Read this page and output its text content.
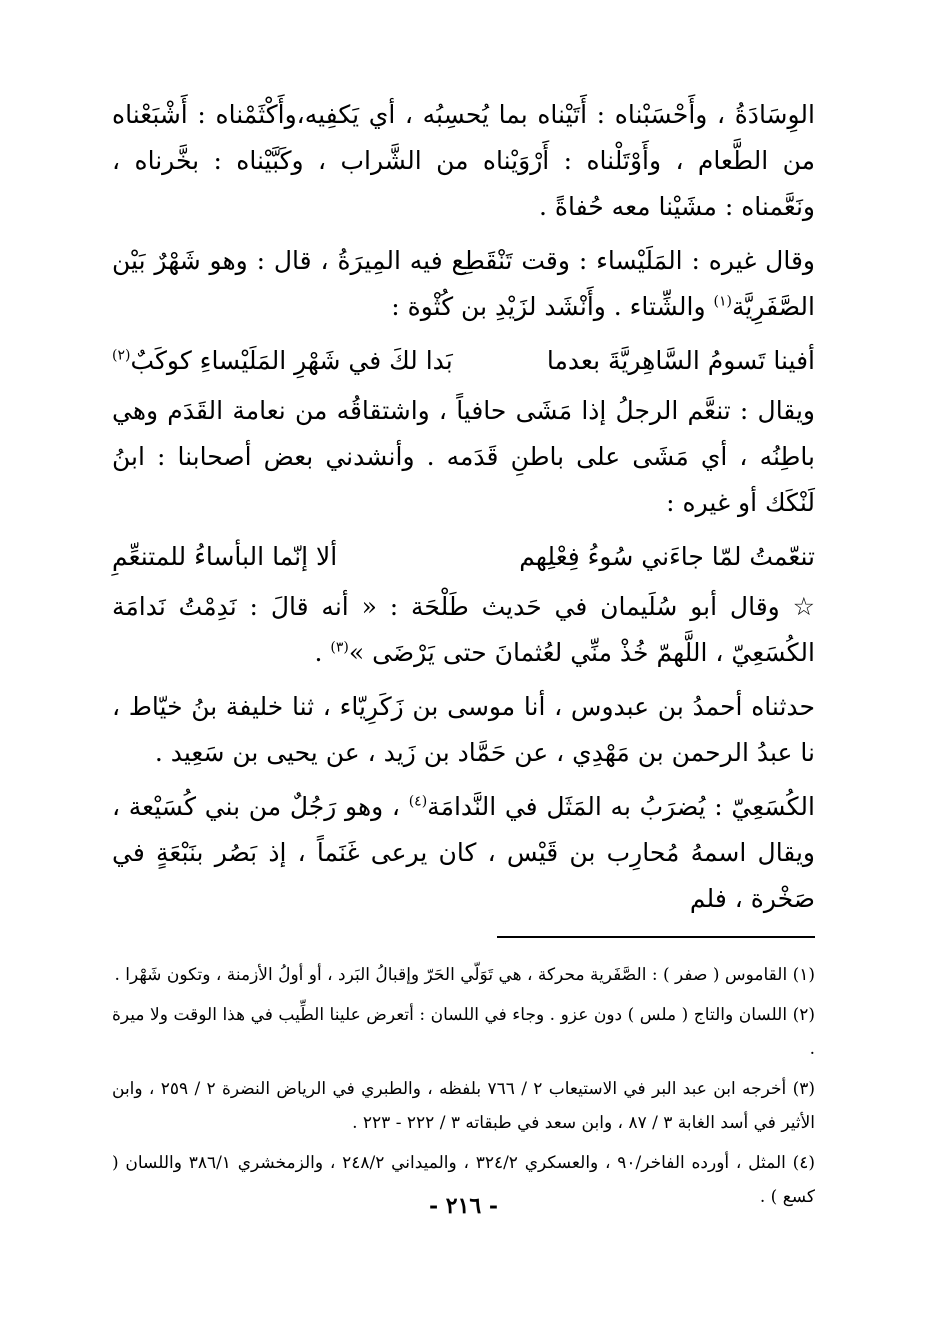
الوِسَادَةُ ، وأَحْسَبْناه : أَتَيْناه بما يُحسِبُه ، أي يَكفِيه،وأَكْثَمْناه : أَشْبَعْناه من الطَّعام ، وأَوْتَلْناه : أَرْوَيْناه من الشَّراب ، وكَبَّيْناه : بخَّرناه ، ونَعَّمناه : مشَيْنا معه حُفاةً .

وقال غيره : المَلَيْساء : وقت تَنْقَطِع فيه المِيرَةُ ، قال : وهو شَهْرٌ بَيْن الصَّفَرِيَّة$^{(١)}$ والشِّتاء . وأَنْشَد لزَيْدِ بن كُثْوة :

أفينا تَسومُ السَّاهِريَّةَ بعدما
بَدا لكَ في شَهْرِ المَلَيْساءِ كوكَبٌ$^{(٢)}$

ويقال : تنعَّم الرجلُ إذا مَشَى حافياً ، واشتقاقُه من نعامة القَدَم وهي باطِنُه ، أي مَشَى على باطنِ قَدَمه . وأنشدني بعض أصحابنا : ابنُ لَنْكَك أو غيره :

تنعّمتُ لمّا جاءَني سُوءُ فِعْلِهم
ألا إنّما البأساءُ للمتنعِّمِ

☆ وقال أبو سُلَيمان في حَديث طَلْحَة : « أنه قالَ : نَدِمْتُ نَدامَة الكُسَعِيّ ، اللَّهمّ خُذْ منِّي لعُثمانَ حتى يَرْضَى »$^{(٣)}$ .

حدثناه أحمدُ بن عبدوس ، أنا موسى بن زَكَرِيّاء ، ثنا خليفة بنُ خيّاط ، نا عبدُ الرحمن بن مَهْدِي ، عن حَمَّاد بن زَيد ، عن يحيى بن سَعِيد .

الكُسَعِيّ : يُضرَبُ به المَثَل في النَّدامَة$^{(٤)}$ ، وهو رَجُلٌ من بني كُسَيْعة ، ويقال اسمهُ مُحارِب بن قَيْس ، كان يرعى غَنَماً ، إذ بَصُر بنَبْعَةٍ في صَخْرة ، فلم

(١) القاموس ( صفر ) : الصَّفَرية محركة ، هي تَوَلّي الحَرّ وإقبالُ البَرد ، أو أولُ الأزمنة ، وتكون شَهْرا .

(٢) اللسان والتاج ( ملس ) دون عزو . وجاء في اللسان : أتعرض علينا الطِّيب في هذا الوقت ولا ميرة .

(٣) أخرجه ابن عبد البر في الاستيعاب ٢ / ٧٦٦ بلفظه ، والطبري في الرياض النضرة ٢ / ٢٥٩ ، وابن الأثير في أسد الغابة ٣ / ٨٧ ، وابن سعد في طبقاته ٣ / ٢٢٢ - ٢٢٣ .

(٤) المثل ، أورده الفاخر/٩٠ ، والعسكري ٣٢٤/٢ ، والميداني ٢٤٨/٢ ، والزمخشري ٣٨٦/١ واللسان ( كسع ) .

- ٢١٦ -
